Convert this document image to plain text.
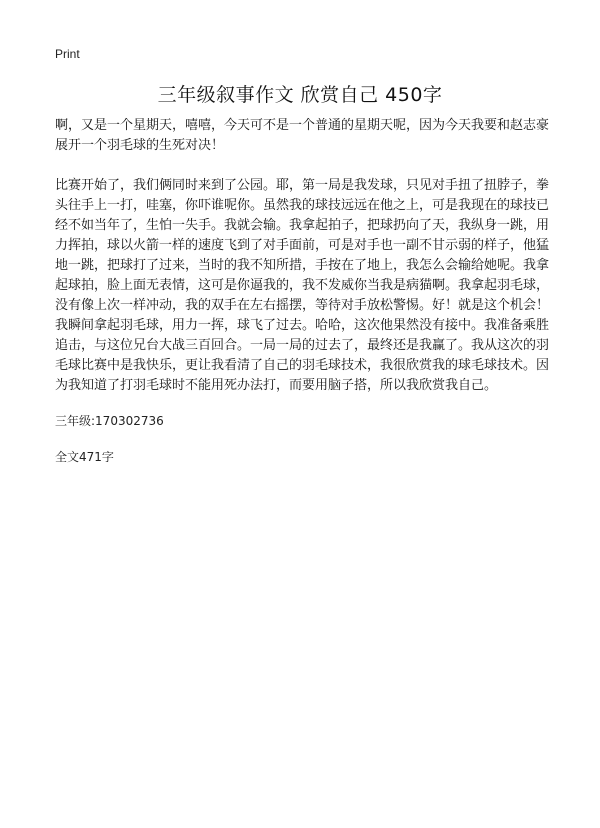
Print
三年级叙事作文 欣赏自己 450字

啊，又是一个星期天，嘻嘻，今天可不是一个普通的星期天呢，因为今天我要和赵志豪展开一个羽毛球的生死对决！

比赛开始了，我们俩同时来到了公园。耶，第一局是我发球，只见对手扭了扭脖子，拳头往手上一打，哇塞，你吓谁呢你。虽然我的球技远远在他之上，可是我现在的球技已经不如当年了，生怕一失手。我就会输。我拿起拍子，把球扔向了天，我纵身一跳，用力挥拍，球以火箭一样的速度飞到了对手面前，可是对手也一副不甘示弱的样子，他猛地一跳，把球打了过来，当时的我不知所措，手按在了地上，我怎么会输给她呢。我拿起球拍，脸上面无表情，这可是你逼我的，我不发威你当我是病猫啊。我拿起羽毛球，没有像上次一样冲动，我的双手在左右摇摆，等待对手放松警惕。好！就是这个机会！我瞬间拿起羽毛球，用力一挥，球飞了过去。哈哈，这次他果然没有接中。我准备乘胜追击，与这位兄台大战三百回合。一局一局的过去了，最终还是我赢了。我从这次的羽毛球比赛中是我快乐，更让我看清了自己的羽毛球技术，我很欣赏我的球毛球技术。因为我知道了打羽毛球时不能用死办法打，而要用脑子搭，所以我欣赏我自己。

三年级:170302736

全文471字
